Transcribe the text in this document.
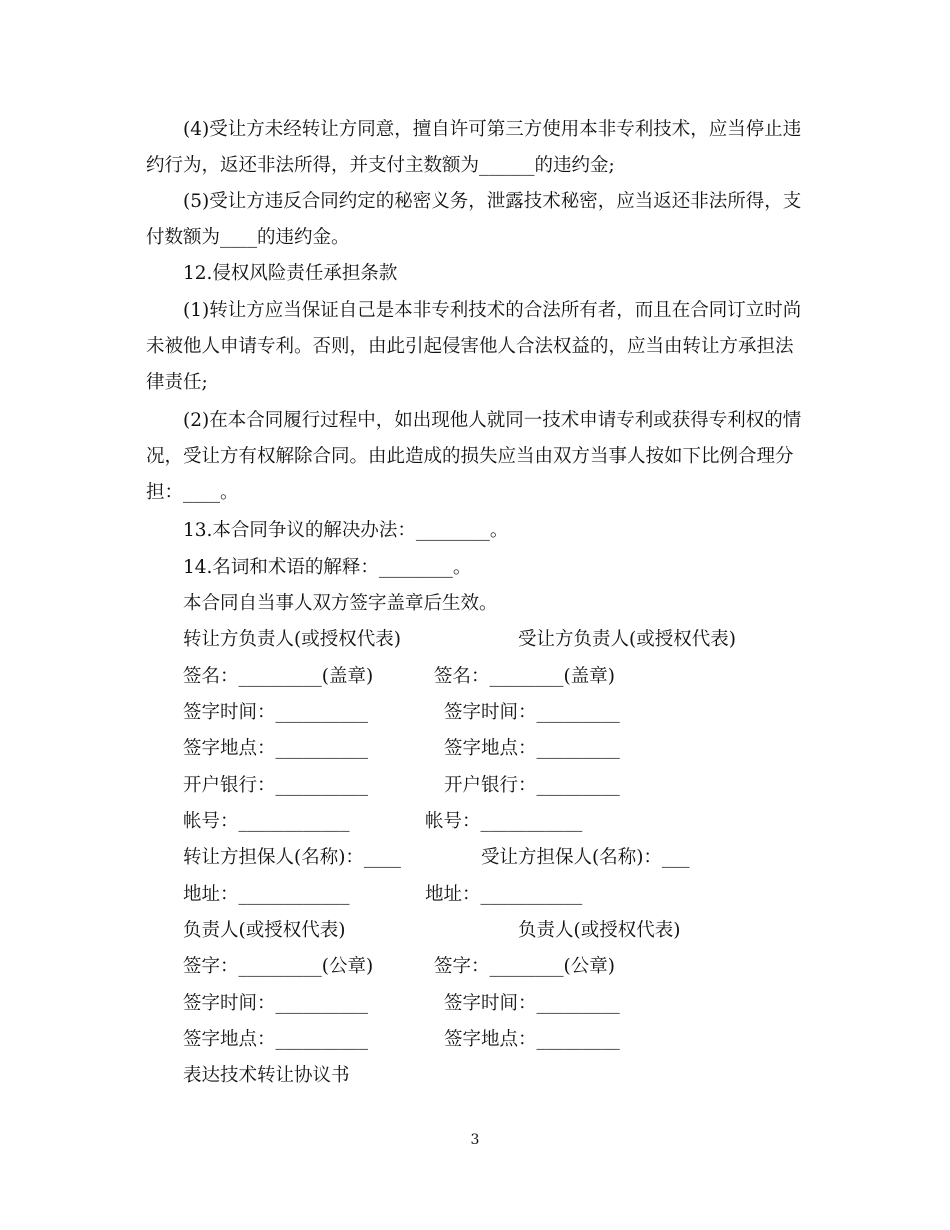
(4)受让方未经转让方同意，擅自许可第三方使用本非专利技术，应当停止违约行为，返还非法所得，并支付主数额为______的违约金;
(5)受让方违反合同约定的秘密义务，泄露技术秘密，应当返还非法所得，支付数额为____的违约金。
12.侵权风险责任承担条款
(1)转让方应当保证自己是本非专利技术的合法所有者，而且在合同订立时尚未被他人申请专利。否则，由此引起侵害他人合法权益的，应当由转让方承担法律责任;
(2)在本合同履行过程中，如出现他人就同一技术申请专利或获得专利权的情况，受让方有权解除合同。由此造成的损失应当由双方当事人按如下比例合理分担：____。
13.本合同争议的解决办法：________。
14.名词和术语的解释：________。
本合同自当事人双方签字盖章后生效。
转让方负责人(或授权代表)	受让方负责人(或授权代表)
签名：_________(盖章)	签名：________(盖章)
签字时间：__________	签字时间：_________
签字地点：__________	签字地点：_________
开户银行：__________	开户银行：_________
帐号：____________	帐号：___________
转让方担保人(名称)：____	受让方担保人(名称)：___
地址：____________	地址：___________
负责人(或授权代表)	负责人(或授权代表)
签字：_________(公章)	签字：________(公章)
签字时间：__________	签字时间：_________
签字地点：__________	签字地点：_________
表达技术转让协议书
3
